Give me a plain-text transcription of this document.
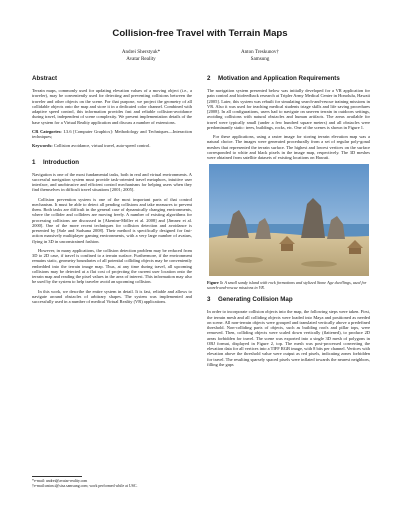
Collision-free Travel with Terrain Maps
Andrei Sherstyuk*
Avatar Reality
Anton Treskunov†
Samsung
Abstract
Terrain maps, commonly used for updating elevation values of a moving object (i.e., a traveler), may be conveniently used for detecting and preventing collisions between the traveler and other objects on the scene. For that purpose, we project the geometry of all collidable objects onto the map and store it in a dedicated color channel. Combined with adaptive speed control, this information provides fast and reliable collision-avoidance during travel, independent of scene complexity. We present implementation details of the base system for a Virtual Reality application and discuss a number of extensions.
CR Categories: I.3.6 [Computer Graphics]: Methodology and Techniques—Interaction techniques;
Keywords: Collision avoidance, virtual travel, auto-speed control.
1 Introduction
Navigation is one of the most fundamental tasks, both in real and virtual environments. A successful navigation system must provide task-oriented travel metaphors, intuitive user interface, and unobtrusive and efficient control mechanisms for helping users when they find themselves in difficult travel situations [2001; 2005].
Collision prevention system is one of the most important parts of that control mechanism. It must be able to detect all pending collisions and take measures to prevent them. Both tasks are difficult in the general case of dynamically changing environments, where the collider and collidees are moving freely. A number of existing algorithms for processing collisions are discussed in [Akenine-Möller et al. 2008] and [Jimnez et al. 2000]. One of the more recent techniques for collision detection and avoidance is presented by [Sale and Sudsana 2008]. Their method is specifically designed for fast-action massively multiplayer gaming environments, with a very large number of avatars, flying in 3D in unconstrained fashion.
However, in many applications, the collision detection problem may be reduced from 3D to 2D case, if travel is confined to a terrain surface. Furthermore, if the environment remains static, geometry boundaries of all potential colliding objects may be conveniently embedded into the terrain image map. Thus, at any time during travel, all upcoming collisions may be detected at a flat cost of projecting the current user location onto the terrain map and reading the pixel values in the area of interest. This information may also be used by the system to help traveler avoid an upcoming collision.
In this work, we describe the entire system in detail. It is fast, reliable and allows to navigate around obstacles of arbitrary shapes. The system was implemented and successfully used in a number of medical Virtual Reality (VR) applications.
*e-mail: andrei@avatar-reality.com
†e-mail:anton.t@sisa.samsung.com; work performed while at USC.
2 Motivation and Application Requirements
The navigation system presented below was initially developed for a VR application for pain control and biofeedback research at Tripler Army Medical Center in Honolulu, Hawaii [2005]. Later, this system was rebuilt for simulating search-and-rescue training missions in VR. Also it was used for teaching medical students triage skills and life saving procedures [2008]. In all configurations, users had to navigate on uneven terrain in outdoors settings, avoiding collisions with natural obstacles and human artifacts. The areas available for travel were typically small (under a few hundred square meters) and all obstacles were predominantly static: trees, buildings, rocks, etc. One of the scenes is shown in Figure 1.
For these applications, using a raster image for storing terrain elevation map was a natural choice. The images were generated procedurally from a set of regular poly-gonal meshes that represented the terrain surface. The highest and lowest vertices on the surface corresponded to white and black pixels in the image map, respectively. The 3D meshes were obtained from satellite datasets of existing locations on Hawaii.
Figure 1: A small sandy island with rock formations and stylized Stone Age dwellings, used for search-and-rescue missions in VR.
3 Generating Collision Map
In order to incorporate collision objects into the map, the following steps were taken. First, the terrain mesh and all colliding objects were loaded into Maya and positioned as needed on scene. All non-terrain objects were grouped and translated vertically above a predefined threshold. Non-colliding parts of objects, such as building roofs and pillar tops, were removed. Then, colliding objects were scaled down vertically (flattened), to produce 2D areas forbidden for travel. The scene was exported into a single 3D mesh of polygons in OBJ format, displayed in Figure 2, top. The mesh was post-processed converting the elevation data for all vertices into a TIFF RGB image, with 8 bits per channel. Vertices with elevation above the threshold value were output as red pixels, indicating zones forbidden for travel. The resulting sparsely spaced pixels were inflated towards the nearest neighbors, filling the gaps
